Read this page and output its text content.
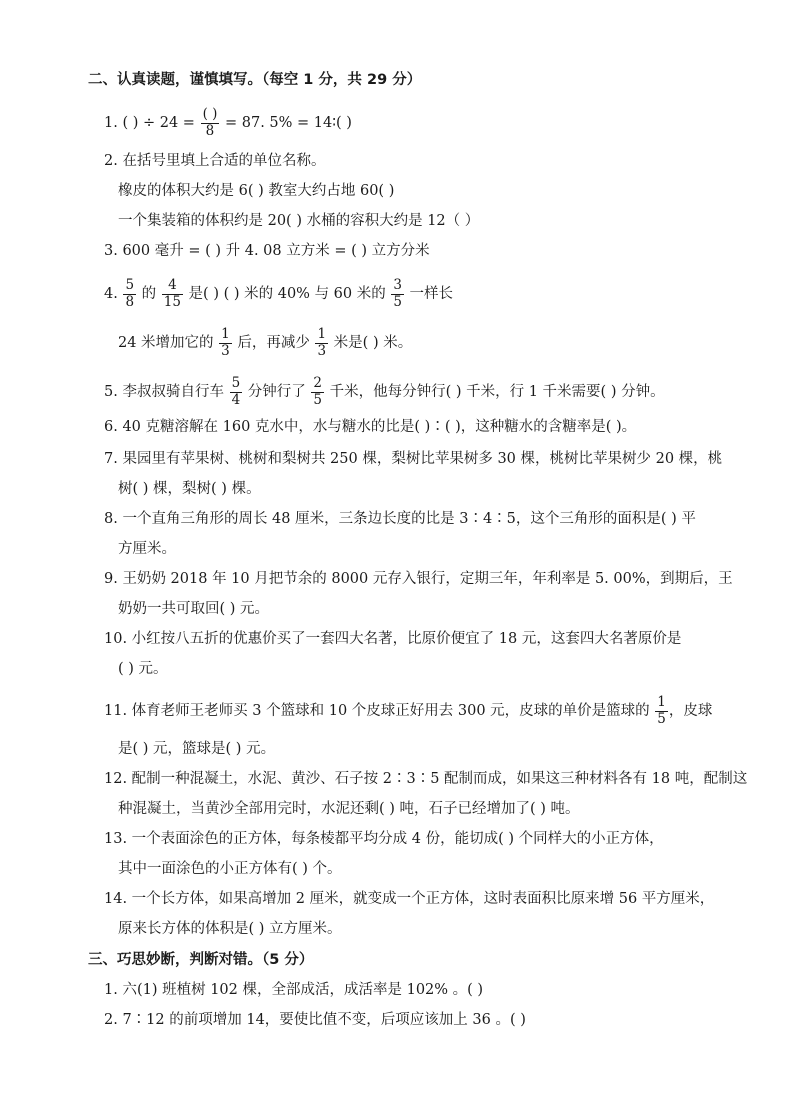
二、认真读题，谨慎填写。（每空 1 分，共 29 分）
1. ( ) ÷ $24 = \frac{( )}{8} = 87$. 5% = 14∶( )
2. 在括号里填上合适的单位名称。
橡皮的体积大约是 6( ) 教室大约占地 60( )
一个集装箱的体积约是 20( ) 水桶的容积大约是 12（ ）
3. 600 毫升 = ( ) 升 4. 08 立方米 = ( ) 立方分米
4. $\frac{5}{8}$ 的 $\frac{4}{15}$ 是( ) ( ) 米的 40% 与 60 米的 $\frac{3}{5}$ 一样长
24 米增加它的 $\frac{1}{3}$ 后，再减少 $\frac{1}{3}$ 米是( ) 米。
5. 李叔叔骑自行车 $\frac{5}{4}$ 分钟行了 $\frac{2}{5}$ 千米，他每分钟行( ) 千米，行 1 千米需要( ) 分钟。
6. 40 克糖溶解在 160 克水中，水与糖水的比是( )∶( )，这种糖水的含糖率是( )。
7. 果园里有苹果树、桃树和梨树共 250 棵，梨树比苹果树多 30 棵，桃树比苹果树少 20 棵，桃
树( ) 棵，梨树( ) 棵。
8. 一个直角三角形的周长 48 厘米，三条边长度的比是 3∶4∶5，这个三角形的面积是( ) 平
方厘米。
9. 王奶奶 2018 年 10 月把节余的 8000 元存入银行，定期三年，年利率是 5. 00%，到期后，王
奶奶一共可取回( ) 元。
10. 小红按八五折的优惠价买了一套四大名著，比原价便宜了 18 元，这套四大名著原价是
( ) 元。
11. 体育老师王老师买 3 个篮球和 10 个皮球正好用去 300 元，皮球的单价是篮球的 $\frac{1}{5}$ ，皮球
是( ) 元，篮球是( ) 元。
12. 配制一种混凝土，水泥、黄沙、石子按 2∶3∶5 配制而成，如果这三种材料各有 18 吨，配制这
种混凝土，当黄沙全部用完时，水泥还剩( ) 吨，石子已经增加了( ) 吨。
13. 一个表面涂色的正方体，每条棱都平均分成 4 份，能切成( ) 个同样大的小正方体，
其中一面涂色的小正方体有( ) 个。
14. 一个长方体，如果高增加 2 厘米，就变成一个正方体，这时表面积比原来增 56 平方厘米，
原来长方体的体积是( ) 立方厘米。
三、巧思妙断，判断对错。（5 分）
1. 六(1) 班植树 102 棵，全部成活，成活率是 102% 。( )
2. 7∶12 的前项增加 14，要使比值不变，后项应该加上 36 。( )
